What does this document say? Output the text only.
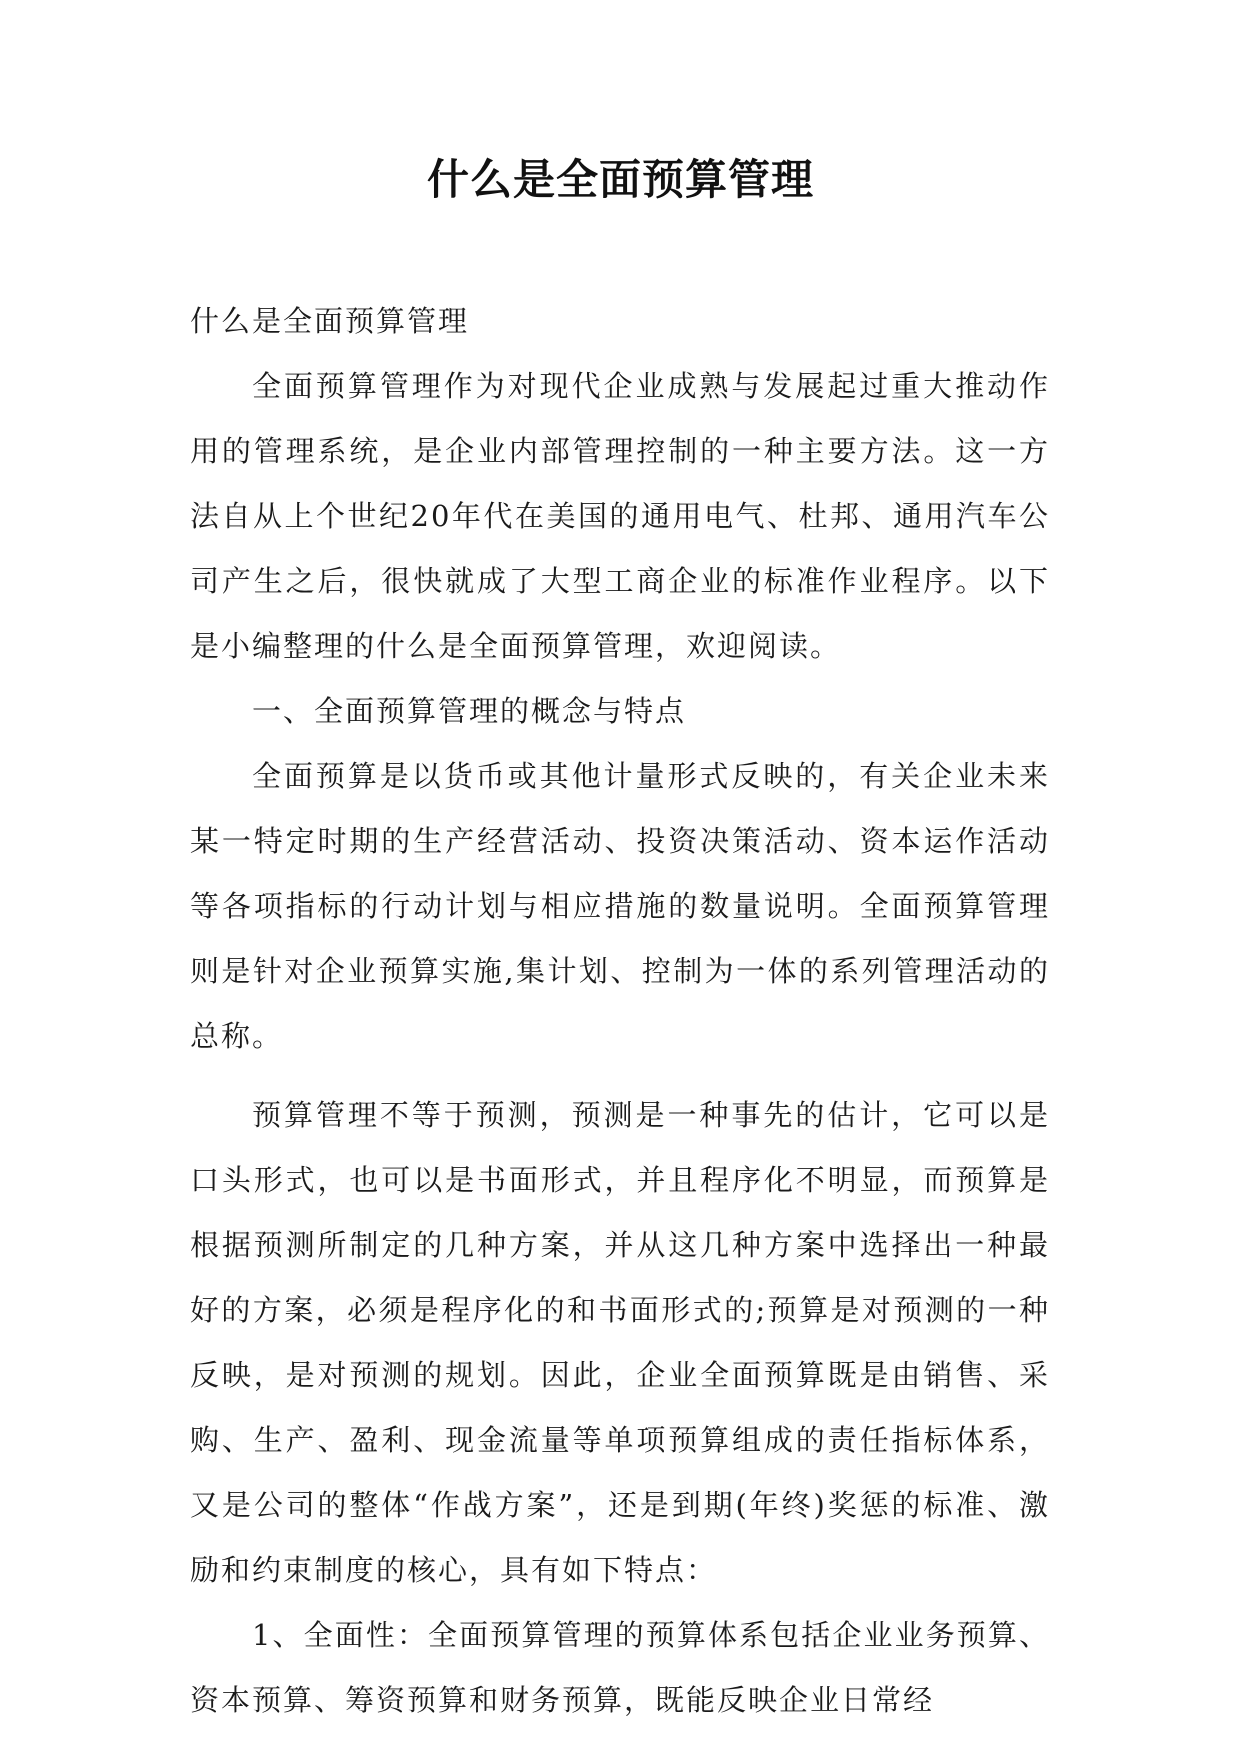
什么是全面预算管理

什么是全面预算管理

全面预算管理作为对现代企业成熟与发展起过重大推动作用的管理系统，是企业内部管理控制的一种主要方法。这一方法自从上个世纪20年代在美国的通用电气、杜邦、通用汽车公司产生之后，很快就成了大型工商企业的标准作业程序。以下是小编整理的什么是全面预算管理，欢迎阅读。

一、全面预算管理的概念与特点

全面预算是以货币或其他计量形式反映的，有关企业未来某一特定时期的生产经营活动、投资决策活动、资本运作活动等各项指标的行动计划与相应措施的数量说明。全面预算管理则是针对企业预算实施,集计划、控制为一体的系列管理活动的总称。

预算管理不等于预测，预测是一种事先的估计，它可以是口头形式，也可以是书面形式，并且程序化不明显，而预算是根据预测所制定的几种方案，并从这几种方案中选择出一种最好的方案，必须是程序化的和书面形式的;预算是对预测的一种反映，是对预测的规划。因此，企业全面预算既是由销售、采购、生产、盈利、现金流量等单项预算组成的责任指标体系，又是公司的整体“作战方案”，还是到期(年终)奖惩的标准、激励和约束制度的核心，具有如下特点：

1、全面性：全面预算管理的预算体系包括企业业务预算、资本预算、筹资预算和财务预算，既能反映企业日常经
